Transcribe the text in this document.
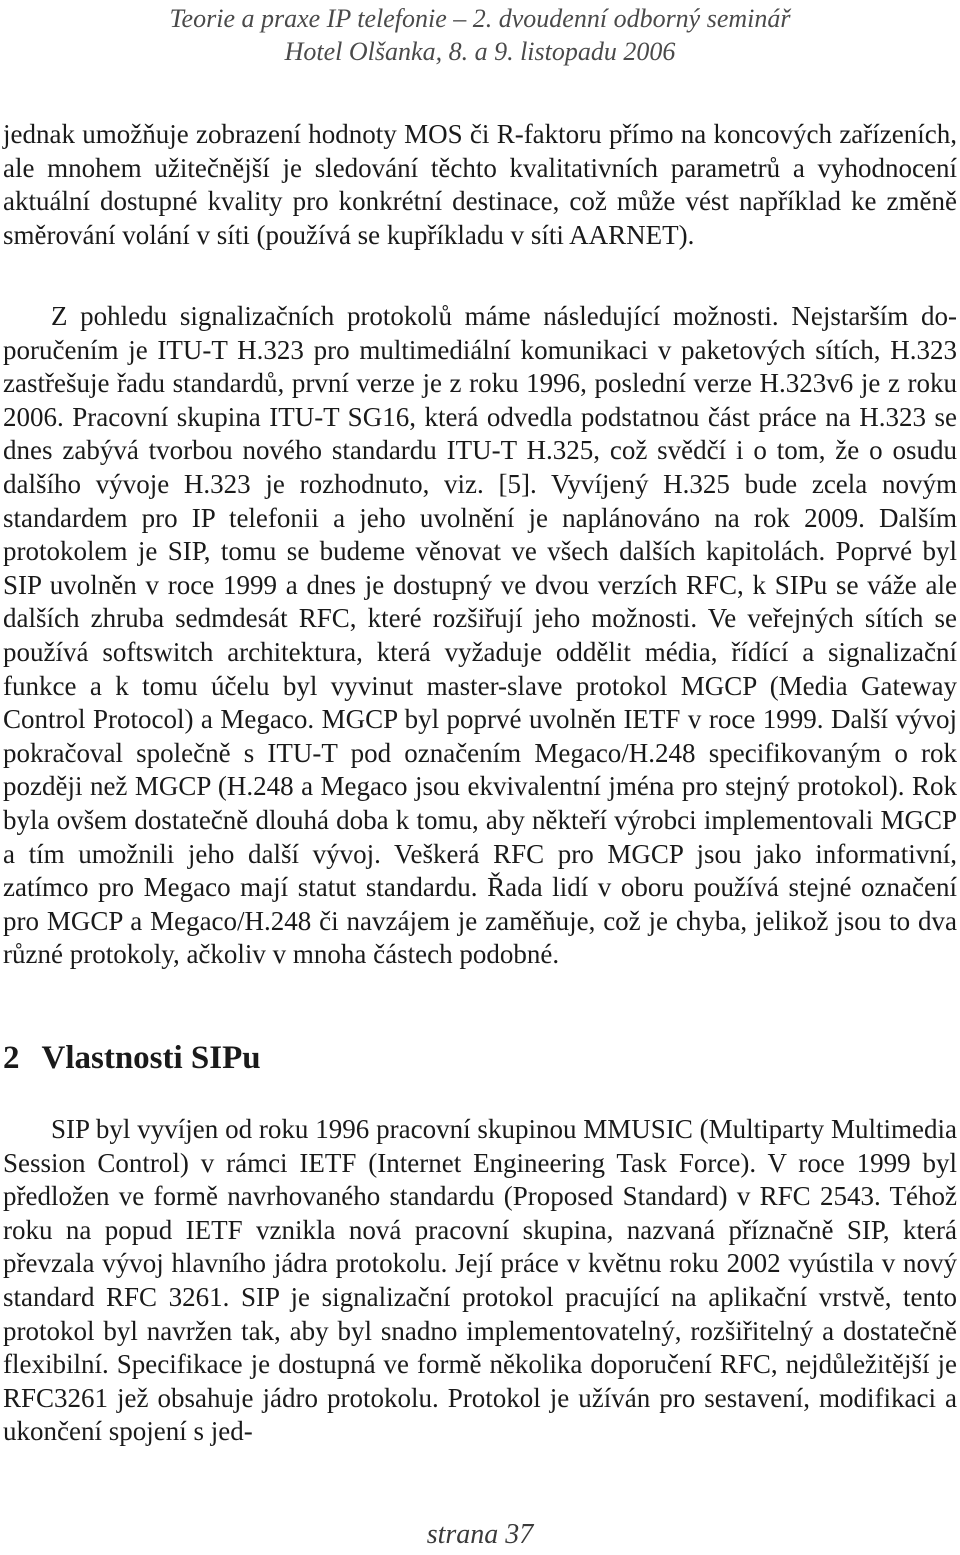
Teorie a praxe IP telefonie – 2. dvoudenní odborný seminář
Hotel Olšanka, 8. a 9. listopadu 2006

jednak umožňuje zobrazení hodnoty MOS či R-faktoru přímo na koncových zařízeních, ale mnohem užitečnější je sledování těchto kvalitativních parametrů a vyhodnocení aktuální dostupné kvality pro konkrétní destinace, což může vést například ke změně směrování volání v síti (používá se kupříkladu v síti AARNET).

Z pohledu signalizačních protokolů máme následující možnosti. Nejstarším doporučením je ITU-T H.323 pro multimediální komunikaci v paketových sítích, H.323 zastřešuje řadu standardů, první verze je z roku 1996, poslední verze H.323v6 je z roku 2006. Pracovní skupina ITU-T SG16, která odvedla podstatnou část práce na H.323 se dnes zabývá tvorbou nového standardu ITU-T H.325, což svědčí i o tom, že o osudu dalšího vývoje H.323 je rozhodnuto, viz. [5]. Vyvíjený H.325 bude zcela novým standardem pro IP telefonii a jeho uvolnění je naplánováno na rok 2009. Dalším protokolem je SIP, tomu se budeme věnovat ve všech dalších kapitolách. Poprvé byl SIP uvolněn v roce 1999 a dnes je dostupný ve dvou verzích RFC, k SIPu se váže ale dalších zhruba sedmdesát RFC, které rozšiřují jeho možnosti. Ve veřejných sítích se používá softswitch architektura, která vyžaduje oddělit média, řídící a signalizační funkce a k tomu účelu byl vyvinut master-slave protokol MGCP (Media Gateway Control Protocol) a Megaco. MGCP byl poprvé uvolněn IETF v roce 1999. Další vývoj pokračoval společně s ITU-T pod označením Megaco/H.248 specifikovaným o rok později než MGCP (H.248 a Megaco jsou ekvivalentní jména pro stejný protokol). Rok byla ovšem dostatečně dlouhá doba k tomu, aby někteří výrobci implementovali MGCP a tím umožnili jeho další vývoj. Veškerá RFC pro MGCP jsou jako informativní, zatímco pro Megaco mají statut standardu. Řada lidí v oboru používá stejné označení pro MGCP a Megaco/H.248 či navzájem je zaměňuje, což je chyba, jelikož jsou to dva různé protokoly, ačkoliv v mnoha částech podobné.

2 Vlastnosti SIPu

SIP byl vyvíjen od roku 1996 pracovní skupinou MMUSIC (Multiparty Multimedia Session Control) v rámci IETF (Internet Engineering Task Force). V roce 1999 byl předložen ve formě navrhovaného standardu (Proposed Standard) v RFC 2543. Téhož roku na popud IETF vznikla nová pracovní skupina, nazvaná příznačně SIP, která převzala vývoj hlavního jádra protokolu. Její práce v květnu roku 2002 vyústila v nový standard RFC 3261. SIP je signalizační protokol pracující na aplikační vrstvě, tento protokol byl navržen tak, aby byl snadno implementovatelný, rozšiřitelný a dostatečně flexibilní. Specifikace je dostupná ve formě několika doporučení RFC, nejdůležitější je RFC3261 jež obsahuje jádro protokolu. Protokol je užíván pro sestavení, modifikaci a ukončení spojení s jed-

strana 37
